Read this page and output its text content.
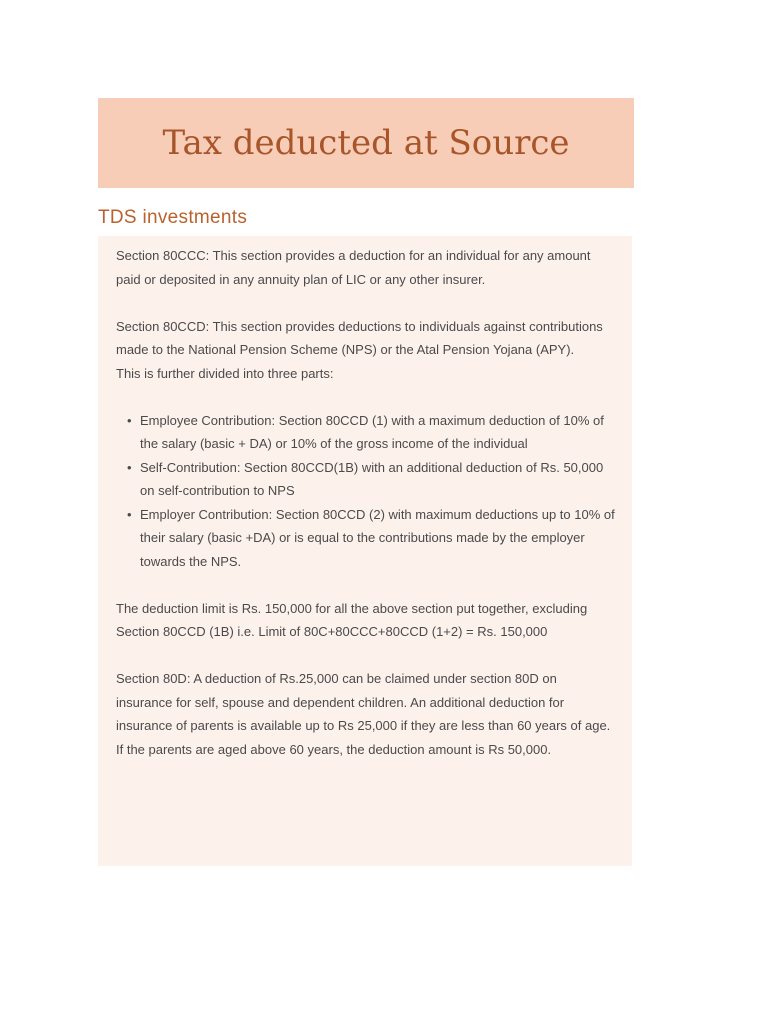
Tax deducted at Source
TDS investments

Section 80CCC: This section provides a deduction for an individual for any amount paid or deposited in any annuity plan of LIC or any other insurer.

Section 80CCD: This section provides deductions to individuals against contributions made to the National Pension Scheme (NPS) or the Atal Pension Yojana (APY).

This is further divided into three parts:

• Employee Contribution: Section 80CCD (1) with a maximum deduction of 10% of the salary (basic + DA) or 10% of the gross income of the individual
• Self-Contribution: Section 80CCD(1B) with an additional deduction of Rs. 50,000 on self-contribution to NPS
• Employer Contribution: Section 80CCD (2) with maximum deductions up to 10% of their salary (basic +DA) or is equal to the contributions made by the employer towards the NPS.

The deduction limit is Rs. 150,000 for all the above section put together, excluding Section 80CCD (1B) i.e. Limit of 80C+80CCC+80CCD (1+2) = Rs. 150,000

Section 80D: A deduction of Rs.25,000 can be claimed under section 80D on insurance for self, spouse and dependent children. An additional deduction for insurance of parents is available up to Rs 25,000 if they are less than 60 years of age. If the parents are aged above 60 years, the deduction amount is Rs 50,000.
